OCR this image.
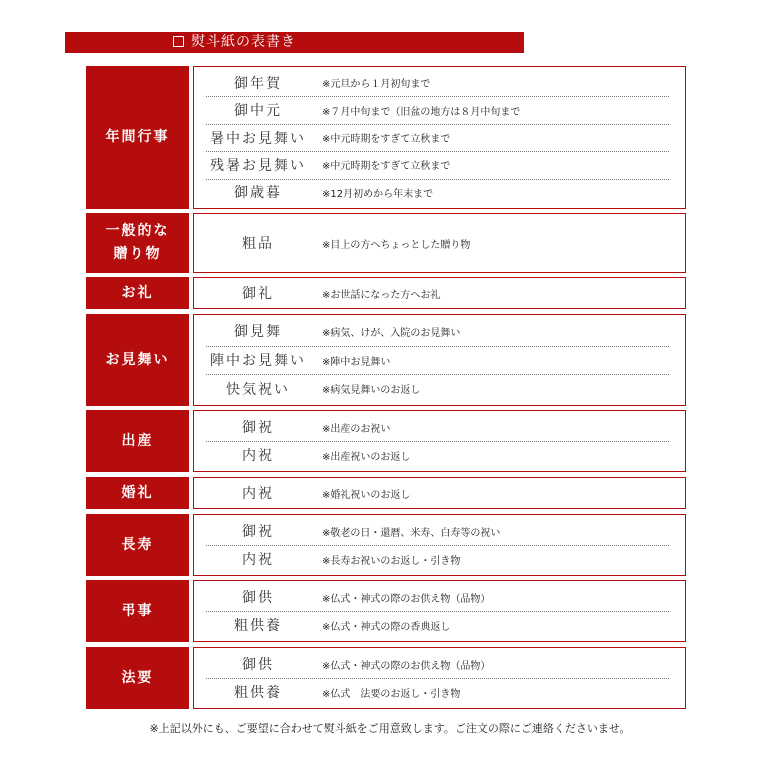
熨斗紙の表書き
年間行事
御年賀	※元旦から１月初旬まで
御中元	※７月中旬まで（旧盆の地方は８月中旬まで
暑中お見舞い	※中元時期をすぎて立秋まで
残暑お見舞い	※中元時期をすぎて立秋まで
御歳暮	※12月初めから年末まで
一般的な
贈り物
粗品	※目上の方へちょっとした贈り物
お礼	御礼	※お世話になった方へお礼
お見舞い
御見舞	※病気、けが、入院のお見舞い
陣中お見舞い	※陣中お見舞い
快気祝い	※病気見舞いのお返し
出産
御祝	※出産のお祝い
内祝	※出産祝いのお返し
婚礼	内祝	※婚礼祝いのお返し
長寿
御祝	※敬老の日・還暦、米寿、白寿等の祝い
内祝	※長寿お祝いのお返し・引き物
弔事
御供	※仏式・神式の際のお供え物（品物）
粗供養	※仏式・神式の際の香典返し
法要
御供	※仏式・神式の際のお供え物（品物）
粗供養	※仏式　法要のお返し・引き物
※上記以外にも、ご要望に合わせて熨斗紙をご用意致します。ご注文の際にご連絡くださいませ。
